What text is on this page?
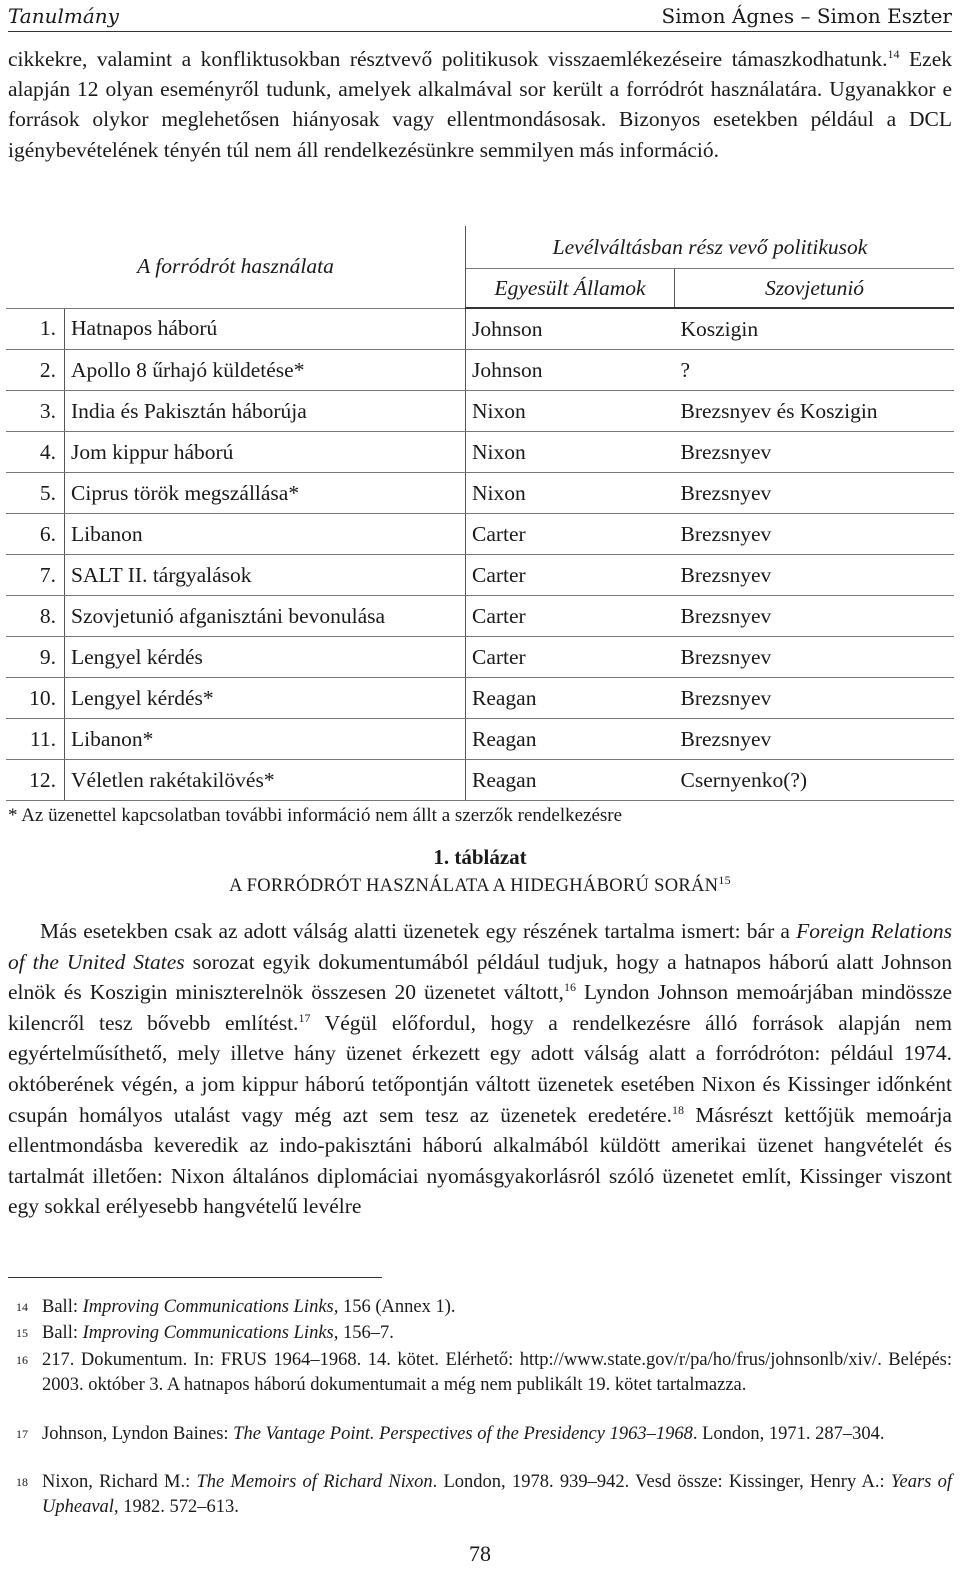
Tanulmány	Simon Ágnes – Simon Eszter
cikkekre, valamint a konfliktusokban résztvevő politikusok visszaemlékezéseire támaszkodhatunk.$^{14}$ Ezek alapján 12 olyan eseményről tudunk, amelyek alkalmával sor került a forródrót használatára. Ugyanakkor e források olykor meglehetősen hiányosak vagy ellentmondásosak. Bizonyos esetekben például a DCL igénybevételének tényén túl nem áll rendelkezésünkre semmilyen más információ.
A forródrót használata		Levélváltásban rész vevő politikusok	
		Egyesült Államok	Szovjetunió
1.	Hatnapos háború	Johnson	Koszigin
2.	Apollo 8 űrhajó küldetése*	Johnson	?
3.	India és Pakisztán háborúja	Nixon	Brezsnyev és Koszigin
4.	Jom kippur háború	Nixon	Brezsnyev
5.	Ciprus török megszállása*	Nixon	Brezsnyev
6.	Libanon	Carter	Brezsnyev
7.	SALT II. tárgyalások	Carter	Brezsnyev
8.	Szovjetunió afganisztáni bevonulása	Carter	Brezsnyev
9.	Lengyel kérdés	Carter	Brezsnyev
10.	Lengyel kérdés*	Reagan	Brezsnyev
11.	Libanon*	Reagan	Brezsnyev
12.	Véletlen rakétakilövés*	Reagan	Csernyenko(?)
* Az üzenettel kapcsolatban további információ nem állt a szerzők rendelkezésre
1. táblázat
A FORRÓDRÓT HASZNÁLATA A HIDEGHÁBORÚ SORÁN$^{15}$
Más esetekben csak az adott válság alatti üzenetek egy részének tartalma ismert: bár a Foreign Relations of the United States sorozat egyik dokumentumából például tudjuk, hogy a hatnapos háború alatt Johnson elnök és Koszigin miniszterelnök összesen 20 üzenetet váltott,$^{16}$ Lyndon Johnson memoárjában mindössze kilencről tesz bővebb említést.$^{17}$ Végül előfordul, hogy a rendelkezésre álló források alapján nem egyértelműsíthető, mely illetve hány üzenet érkezett egy adott válság alatt a forródróton: például 1974. októberének végén, a jom kippur háború tetőpontján váltott üzenetek esetében Nixon és Kissinger időnként csupán homályos utalást vagy még azt sem tesz az üzenetek eredetére.$^{18}$ Másrészt kettőjük memoárja ellentmondásba keveredik az indo-pakisztáni háború alkalmából küldött amerikai üzenet hangvételét és tartalmát illetően: Nixon általános diplomáciai nyomásgyakorlásról szóló üzenetet említ, Kissinger viszont egy sokkal erélyesebb hangvételű levélre
14 Ball: Improving Communications Links, 156 (Annex 1).
15 Ball: Improving Communications Links, 156–7.
16 217. Dokumentum. In: FRUS 1964–1968. 14. kötet. Elérhető: http://www.state.gov/r/pa/ho/frus/johnsonlb/xiv/. Belépés: 2003. október 3. A hatnapos háború dokumentumait a még nem publikált 19. kötet tartalmazza.
17 Johnson, Lyndon Baines: The Vantage Point. Perspectives of the Presidency 1963–1968. London, 1971. 287–304.
18 Nixon, Richard M.: The Memoirs of Richard Nixon. London, 1978. 939–942. Vesd össze: Kissinger, Henry A.: Years of Upheaval, 1982. 572–613.
78
